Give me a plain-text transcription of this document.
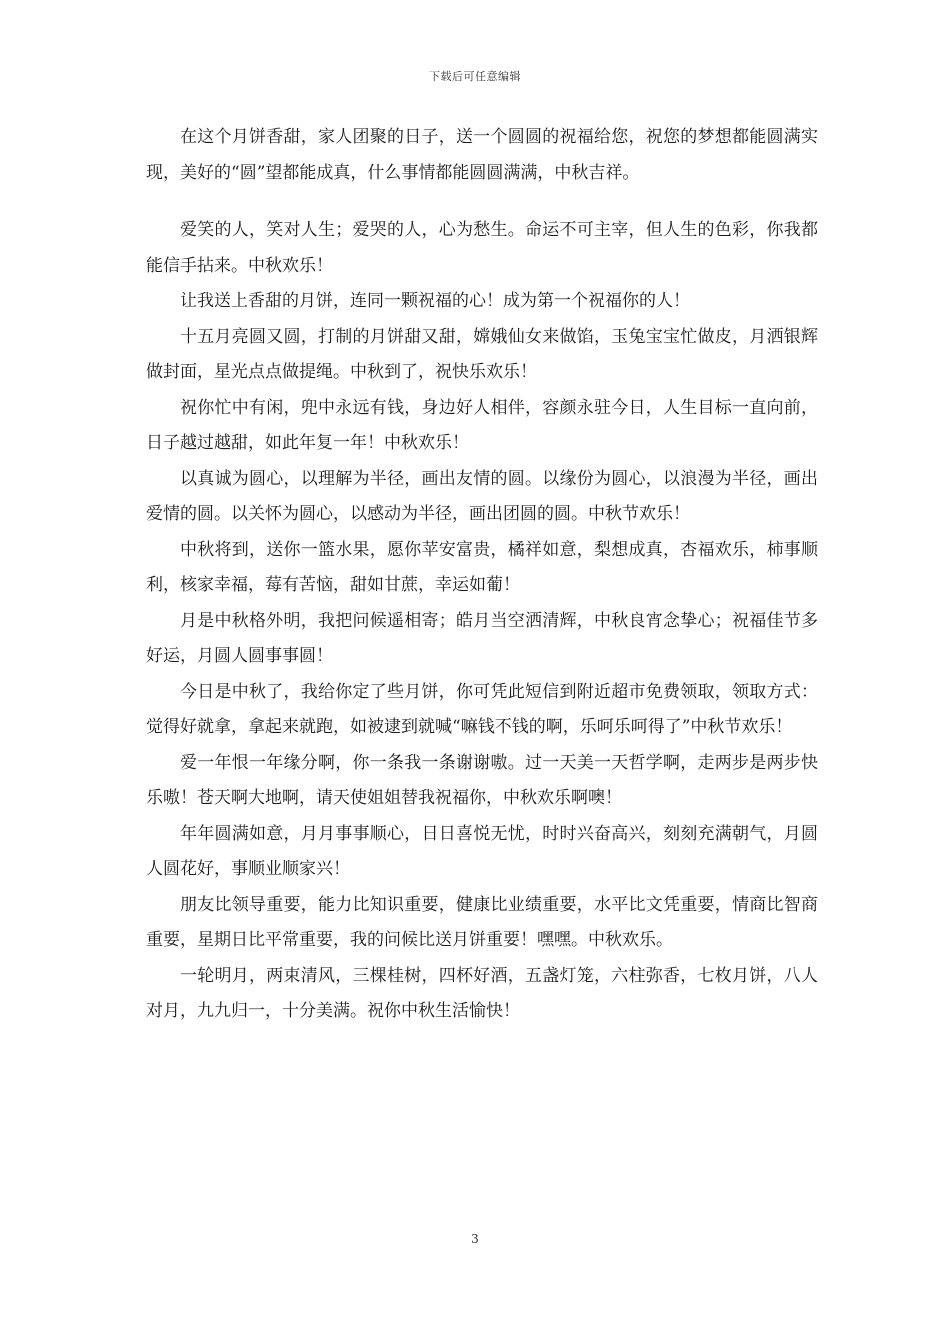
下载后可任意编辑

在这个月饼香甜，家人团聚的日子，送一个圆圆的祝福给您，祝您的梦想都能圆满实现，美好的“圆”望都能成真，什么事情都能圆圆满满，中秋吉祥。

爱笑的人，笑对人生；爱哭的人，心为愁生。命运不可主宰，但人生的色彩，你我都能信手拈来。中秋欢乐！

让我送上香甜的月饼，连同一颗祝福的心！成为第一个祝福你的人！

十五月亮圆又圆，打制的月饼甜又甜，嫦娥仙女来做馅，玉兔宝宝忙做皮，月洒银辉做封面，星光点点做提绳。中秋到了，祝快乐欢乐！

祝你忙中有闲，兜中永远有钱，身边好人相伴，容颜永驻今日，人生目标一直向前，日子越过越甜，如此年复一年！中秋欢乐！

以真诚为圆心，以理解为半径，画出友情的圆。以缘份为圆心，以浪漫为半径，画出爱情的圆。以关怀为圆心，以感动为半径，画出团圆的圆。中秋节欢乐！

中秋将到，送你一篮水果，愿你苹安富贵，橘祥如意，梨想成真，杏福欢乐，柿事顺利，核家幸福，莓有苦恼，甜如甘蔗，幸运如葡！

月是中秋格外明，我把问候遥相寄；皓月当空洒清辉，中秋良宵念挚心；祝福佳节多好运，月圆人圆事事圆！

今日是中秋了，我给你定了些月饼，你可凭此短信到附近超市免费领取，领取方式：觉得好就拿，拿起来就跑，如被逮到就喊“嘛钱不钱的啊，乐呵乐呵得了”中秋节欢乐！

爱一年恨一年缘分啊，你一条我一条谢谢嗷。过一天美一天哲学啊，走两步是两步快乐嗷！苍天啊大地啊，请天使姐姐替我祝福你，中秋欢乐啊噢！

年年圆满如意，月月事事顺心，日日喜悦无忧，时时兴奋高兴，刻刻充满朝气，月圆人圆花好，事顺业顺家兴！

朋友比领导重要，能力比知识重要，健康比业绩重要，水平比文凭重要，情商比智商重要，星期日比平常重要，我的问候比送月饼重要！嘿嘿。中秋欢乐。

一轮明月，两束清风，三棵桂树，四杯好酒，五盏灯笼，六柱弥香，七枚月饼，八人对月，九九归一，十分美满。祝你中秋生活愉快！

3
